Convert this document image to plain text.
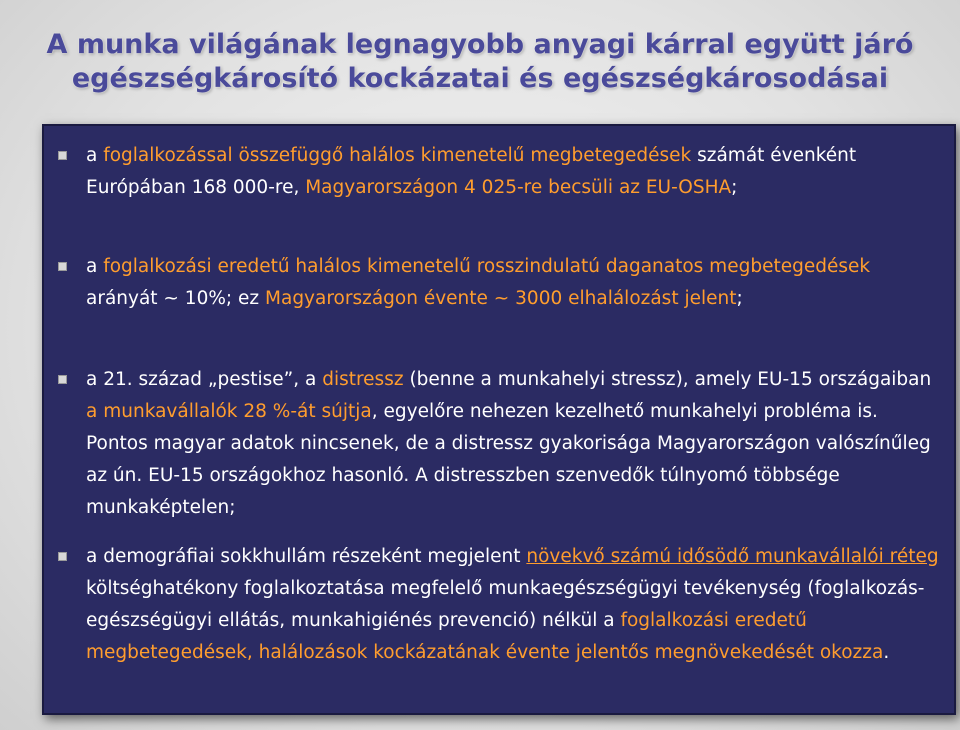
A munka világának legnagyobb anyagi kárral együtt járó
egészségkárosító kockázatai és egészségkárosodásai
a foglalkozással összefüggő halálos kimenetelű megbetegedések számát évenként Európában 168 000-re, Magyarországon 4 025-re becsüli az EU-OSHA;
a foglalkozási eredetű halálos kimenetelű rosszindulatú daganatos megbetegedések arányát ~ 10%; ez Magyarországon évente ~ 3000 elhalálozást jelent;
a 21. század „pestise”, a distressz (benne a munkahelyi stressz), amely EU-15 országaiban a munkavállalók 28 %-át sújtja, egyelőre nehezen kezelhető munkahelyi probléma is. Pontos magyar adatok nincsenek, de a distressz gyakorisága Magyarországon valószínűleg az ún. EU-15 országokhoz hasonló. A distresszben szenvedők túlnyomó többsége munkaképtelen;
a demográfiai sokkhullám részeként megjelent növekvő számú idősödő munkavállalói réteg költséghatékony foglalkoztatása megfelelő munkaegészségügyi tevékenység (foglalkozás-egészségügyi ellátás, munkahigiénés prevenció) nélkül a foglalkozási eredetű megbetegedések, halálozások kockázatának évente jelentős megnövekedését okozza.
